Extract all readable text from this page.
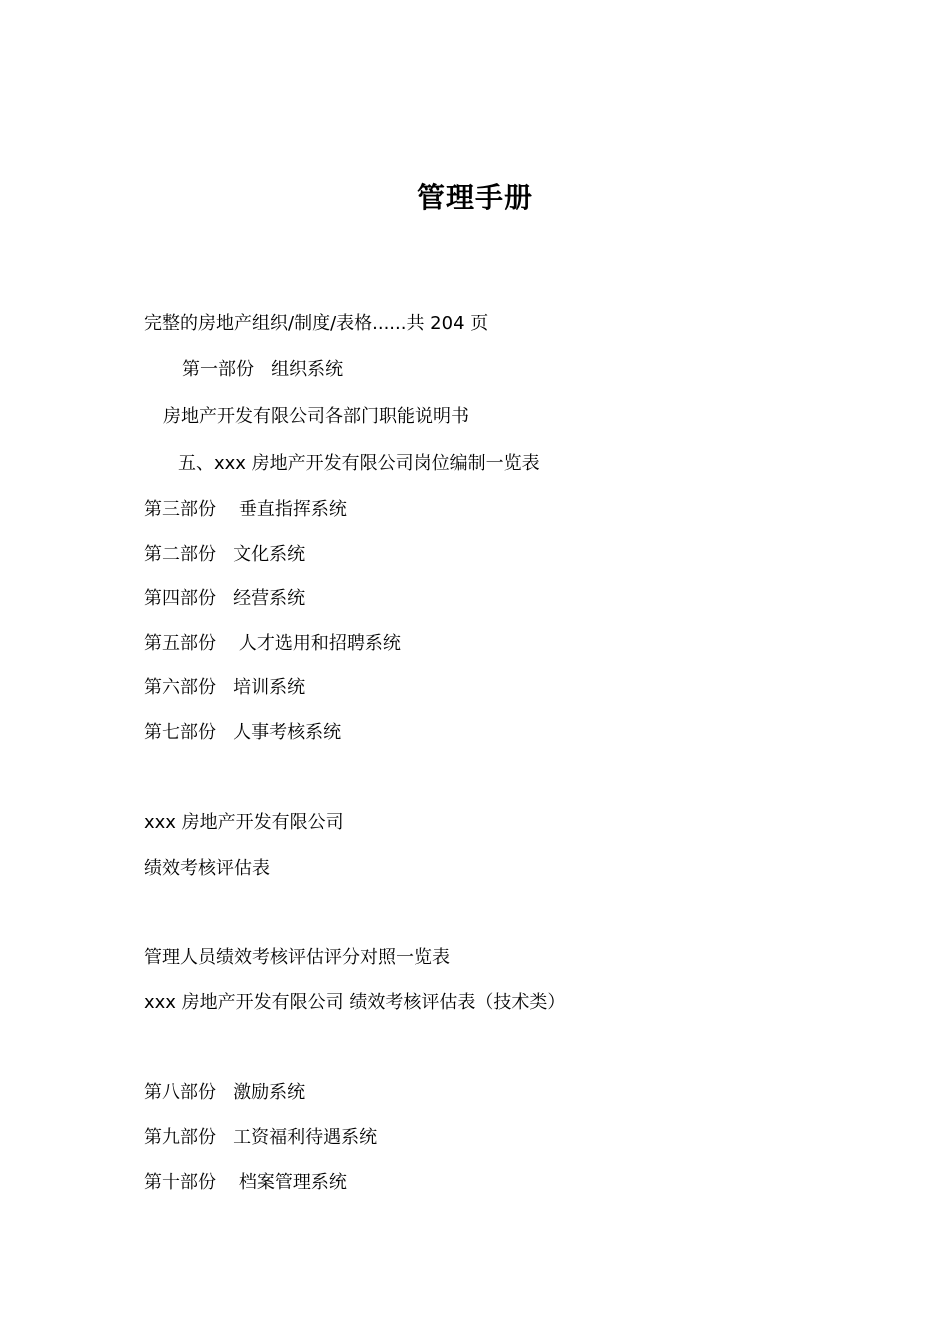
管理手册
完整的房地产组织/制度/表格......共 204 页
第一部份   组织系统
房地产开发有限公司各部门职能说明书
五、xxx 房地产开发有限公司岗位编制一览表
第三部份    垂直指挥系统
第二部份   文化系统
第四部份   经营系统
第五部份    人才选用和招聘系统
第六部份   培训系统
第七部份   人事考核系统
xxx 房地产开发有限公司
绩效考核评估表
管理人员绩效考核评估评分对照一览表
xxx 房地产开发有限公司 绩效考核评估表（技术类）
第八部份   激励系统
第九部份   工资福利待遇系统
第十部份    档案管理系统
